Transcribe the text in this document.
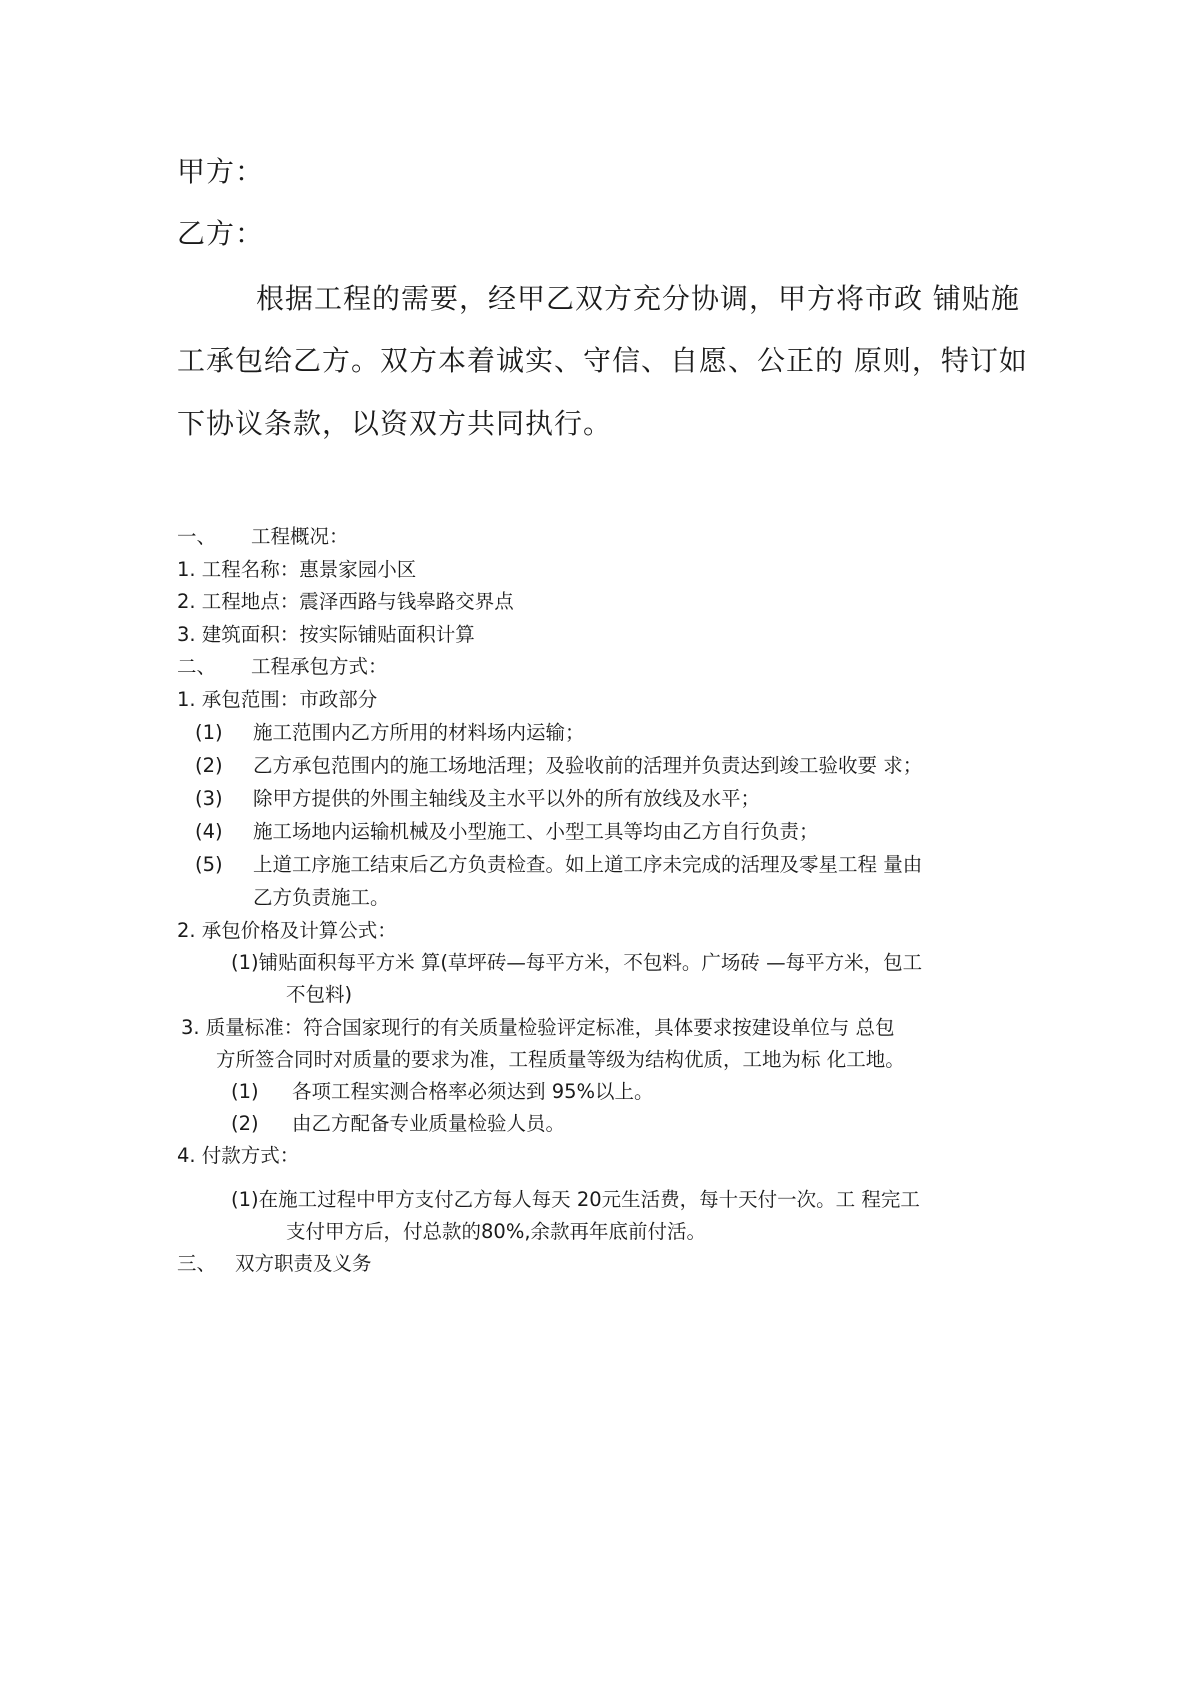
甲方：
乙方：
根据工程的需要，经甲乙双方充分协调，甲方将市政 铺贴施
工承包给乙方。双方本着诚实、守信、自愿、公正的 原则，特订如
下协议条款，以资双方共同执行。
一、 工程概况：
1. 工程名称：惠景家园小区
2. 工程地点：震泽西路与钱皋路交界点
3. 建筑面积：按实际铺贴面积计算
二、 工程承包方式：
1. 承包范围：市政部分
(1) 施工范围内乙方所用的材料场内运输；
(2) 乙方承包范围内的施工场地活理；及验收前的活理并负责达到竣工验收要 求；
(3) 除甲方提供的外围主轴线及主水平以外的所有放线及水平；
(4) 施工场地内运输机械及小型施工、小型工具等均由乙方自行负责；
(5) 上道工序施工结束后乙方负责检查。如上道工序未完成的活理及零星工程 量由
乙方负责施工。
2. 承包价格及计算公式：
(1)铺贴面积每平方米 算(草坪砖—每平方米，不包料。广场砖 —每平方米，包工
不包料)
3. 质量标准：符合国家现行的有关质量检验评定标准，具体要求按建设单位与 总包
方所签合同时对质量的要求为准，工程质量等级为结构优质，工地为标 化工地。
(1) 各项工程实测合格率必须达到 95%以上。
(2) 由乙方配备专业质量检验人员。
4. 付款方式：
(1)在施工过程中甲方支付乙方每人每天 20元生活费，每十天付一次。工 程完工
支付甲方后，付总款的80%,余款再年底前付活。
三、 双方职责及义务
